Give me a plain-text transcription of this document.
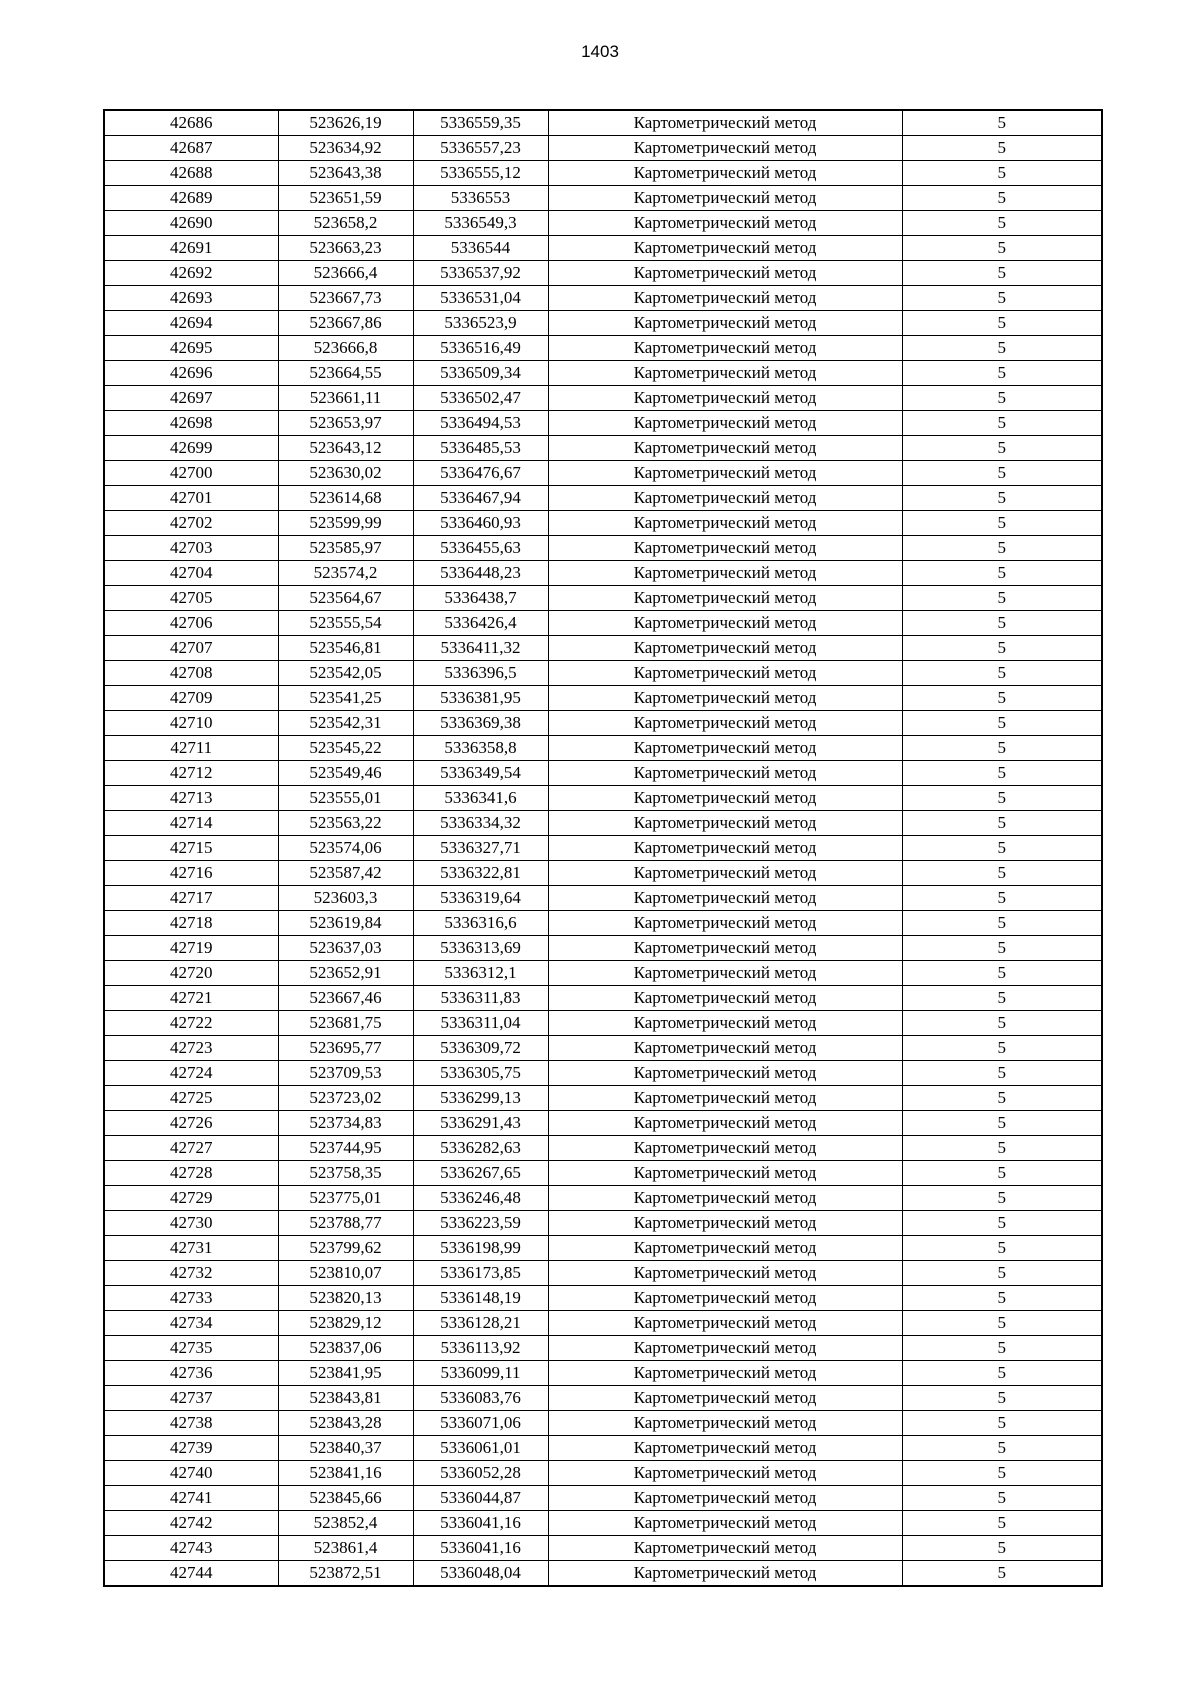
1403
42686	523626,19	5336559,35	Картометрический метод	5
42687	523634,92	5336557,23	Картометрический метод	5
42688	523643,38	5336555,12	Картометрический метод	5
42689	523651,59	5336553	Картометрический метод	5
42690	523658,2	5336549,3	Картометрический метод	5
42691	523663,23	5336544	Картометрический метод	5
42692	523666,4	5336537,92	Картометрический метод	5
42693	523667,73	5336531,04	Картометрический метод	5
42694	523667,86	5336523,9	Картометрический метод	5
42695	523666,8	5336516,49	Картометрический метод	5
42696	523664,55	5336509,34	Картометрический метод	5
42697	523661,11	5336502,47	Картометрический метод	5
42698	523653,97	5336494,53	Картометрический метод	5
42699	523643,12	5336485,53	Картометрический метод	5
42700	523630,02	5336476,67	Картометрический метод	5
42701	523614,68	5336467,94	Картометрический метод	5
42702	523599,99	5336460,93	Картометрический метод	5
42703	523585,97	5336455,63	Картометрический метод	5
42704	523574,2	5336448,23	Картометрический метод	5
42705	523564,67	5336438,7	Картометрический метод	5
42706	523555,54	5336426,4	Картометрический метод	5
42707	523546,81	5336411,32	Картометрический метод	5
42708	523542,05	5336396,5	Картометрический метод	5
42709	523541,25	5336381,95	Картометрический метод	5
42710	523542,31	5336369,38	Картометрический метод	5
42711	523545,22	5336358,8	Картометрический метод	5
42712	523549,46	5336349,54	Картометрический метод	5
42713	523555,01	5336341,6	Картометрический метод	5
42714	523563,22	5336334,32	Картометрический метод	5
42715	523574,06	5336327,71	Картометрический метод	5
42716	523587,42	5336322,81	Картометрический метод	5
42717	523603,3	5336319,64	Картометрический метод	5
42718	523619,84	5336316,6	Картометрический метод	5
42719	523637,03	5336313,69	Картометрический метод	5
42720	523652,91	5336312,1	Картометрический метод	5
42721	523667,46	5336311,83	Картометрический метод	5
42722	523681,75	5336311,04	Картометрический метод	5
42723	523695,77	5336309,72	Картометрический метод	5
42724	523709,53	5336305,75	Картометрический метод	5
42725	523723,02	5336299,13	Картометрический метод	5
42726	523734,83	5336291,43	Картометрический метод	5
42727	523744,95	5336282,63	Картометрический метод	5
42728	523758,35	5336267,65	Картометрический метод	5
42729	523775,01	5336246,48	Картометрический метод	5
42730	523788,77	5336223,59	Картометрический метод	5
42731	523799,62	5336198,99	Картометрический метод	5
42732	523810,07	5336173,85	Картометрический метод	5
42733	523820,13	5336148,19	Картометрический метод	5
42734	523829,12	5336128,21	Картометрический метод	5
42735	523837,06	5336113,92	Картометрический метод	5
42736	523841,95	5336099,11	Картометрический метод	5
42737	523843,81	5336083,76	Картометрический метод	5
42738	523843,28	5336071,06	Картометрический метод	5
42739	523840,37	5336061,01	Картометрический метод	5
42740	523841,16	5336052,28	Картометрический метод	5
42741	523845,66	5336044,87	Картометрический метод	5
42742	523852,4	5336041,16	Картометрический метод	5
42743	523861,4	5336041,16	Картометрический метод	5
42744	523872,51	5336048,04	Картометрический метод	5
